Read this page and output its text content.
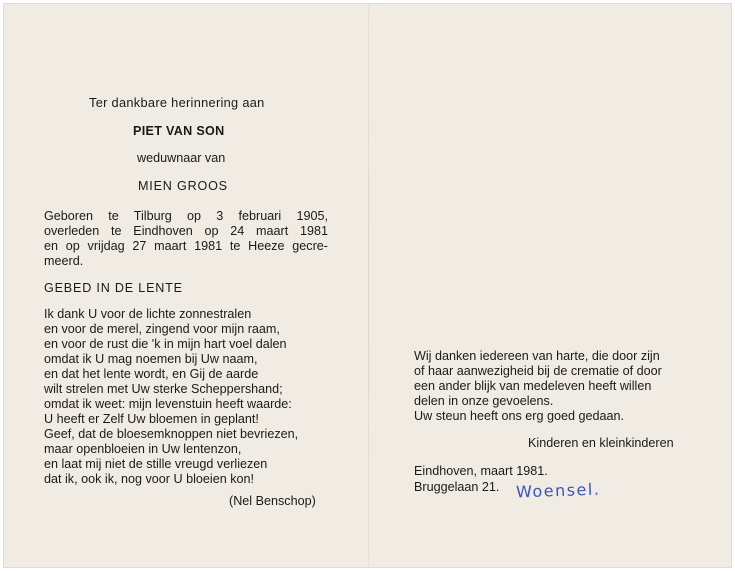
Ter dankbare herinnering aan
PIET VAN SON
weduwnaar van
MIEN GROOS
Geboren te Tilburg op 3 februari 1905,
overleden te Eindhoven op 24 maart 1981
en op vrijdag 27 maart 1981 te Heeze gecre-
meerd.
GEBED IN DE LENTE
Ik dank U voor de lichte zonnestralen
en voor de merel, zingend voor mijn raam,
en voor de rust die 'k in mijn hart voel dalen
omdat ik U mag noemen bij Uw naam,
en dat het lente wordt, en Gij de aarde
wilt strelen met Uw sterke Scheppershand;
omdat ik weet: mijn levenstuin heeft waarde:
U heeft er Zelf Uw bloemen in geplant!
Geef, dat de bloesemknoppen niet bevriezen,
maar openbloeien in Uw lentenzon,
en laat mij niet de stille vreugd verliezen
dat ik, ook ik, nog voor U bloeien kon!
(Nel Benschop)
Wij danken iedereen van harte, die door zijn
of haar aanwezigheid bij de crematie of door
een ander blijk van medeleven heeft willen
delen in onze gevoelens.
Uw steun heeft ons erg goed gedaan.
Kinderen en kleinkinderen
Eindhoven, maart 1981.
Bruggelaan 21. Woensel.
